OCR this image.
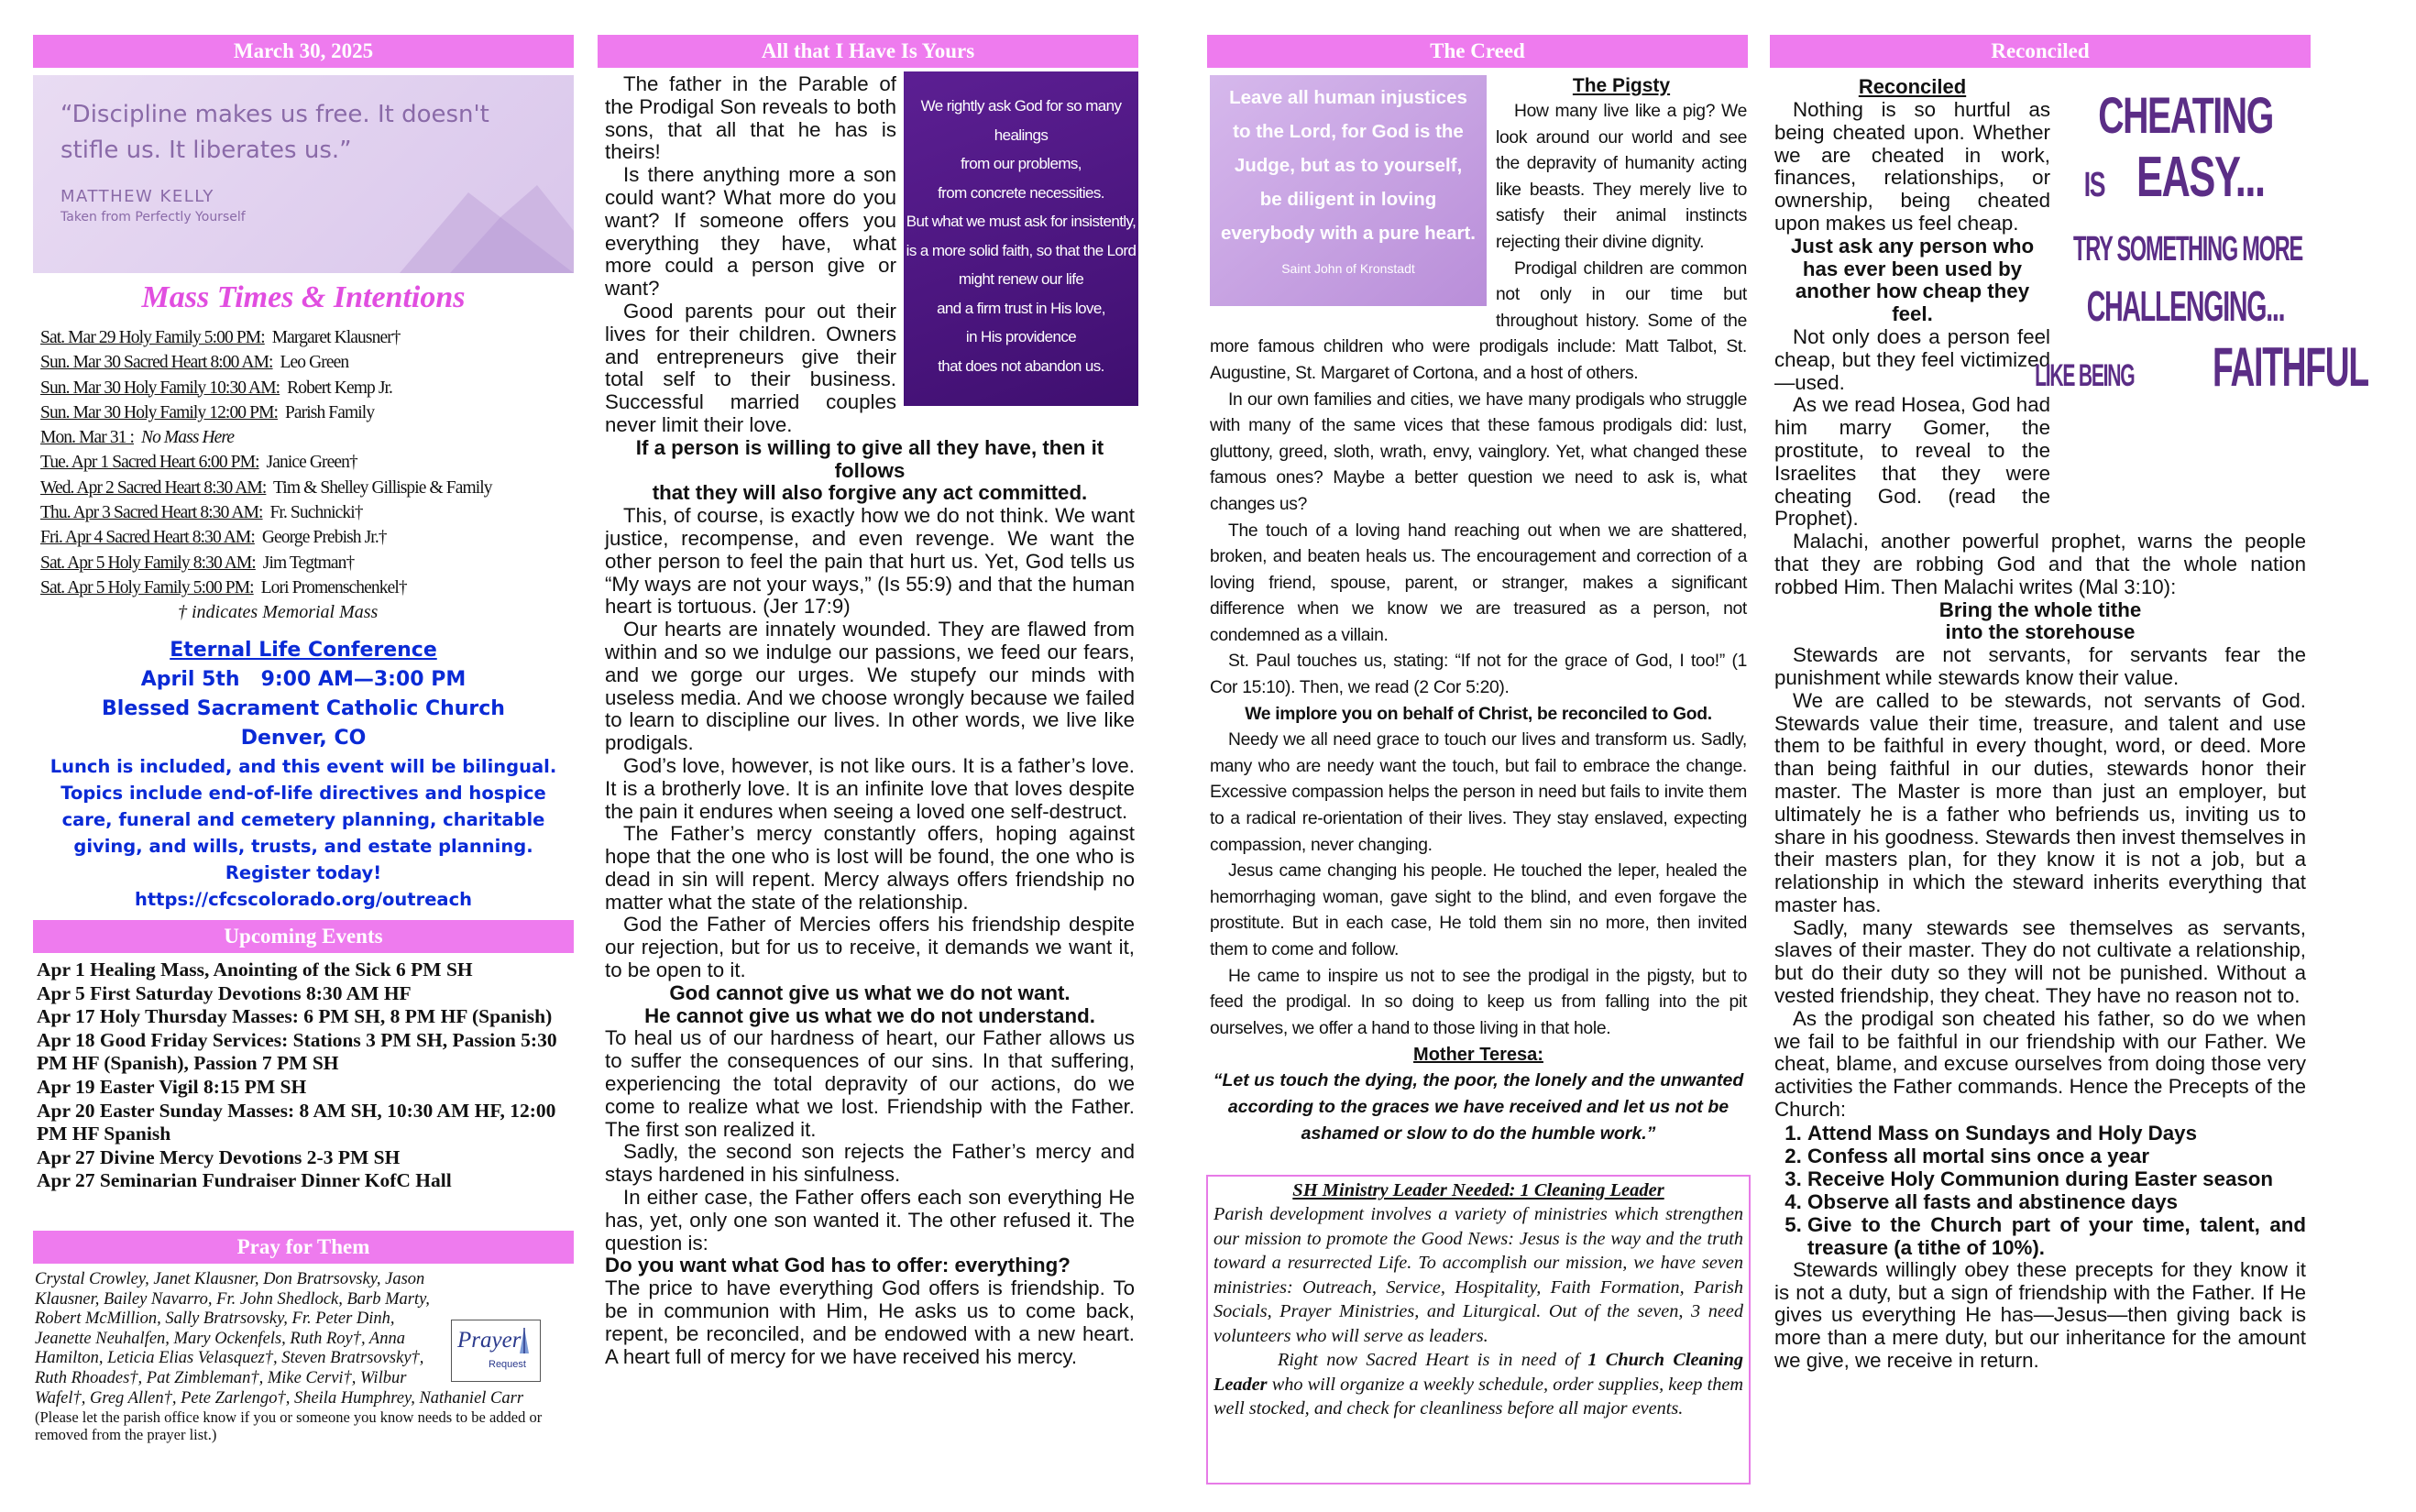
March 30, 2025	All that I Have Is Yours	The Creed	Reconciled
“Discipline makes us free. It doesn't stifle us. It liberates us.”
MATTHEW KELLY
Taken from Perfectly Yourself
Mass Times & Intentions
Sat. Mar 29 Holy Family 5:00 PM: Margaret Klausner†
Sun. Mar 30 Sacred Heart 8:00 AM: Leo Green
Sun. Mar 30 Holy Family 10:30 AM: Robert Kemp Jr.
Sun. Mar 30 Holy Family 12:00 PM: Parish Family
Mon. Mar 31 : No Mass Here
Tue. Apr 1 Sacred Heart 6:00 PM: Janice Green†
Wed. Apr 2 Sacred Heart 8:30 AM: Tim & Shelley Gillispie & Family
Thu. Apr 3 Sacred Heart 8:30 AM: Fr. Suchnicki†
Fri. Apr 4 Sacred Heart 8:30 AM: George Prebish Jr.†
Sat. Apr 5 Holy Family 8:30 AM: Jim Tegtman†
Sat. Apr 5 Holy Family 5:00 PM: Lori Promenschenkel†
† indicates Memorial Mass
Eternal Life Conference
April 5th   9:00 AM—3:00 PM
Blessed Sacrament Catholic Church
Denver, CO
Lunch is included, and this event will be bilingual. Topics include end-of-life directives and hospice care, funeral and cemetery planning, charitable giving, and wills, trusts, and estate planning.
Register today!
https://cfcscolorado.org/outreach
Upcoming Events
Apr 1 Healing Mass, Anointing of the Sick 6 PM SH
Apr 5 First Saturday Devotions 8:30 AM HF
Apr 17 Holy Thursday Masses: 6 PM SH, 8 PM HF (Spanish)
Apr 18 Good Friday Services: Stations 3 PM SH, Passion 5:30 PM HF (Spanish), Passion 7 PM SH
Apr 19 Easter Vigil 8:15 PM SH
Apr 20 Easter Sunday Masses: 8 AM SH, 10:30 AM HF, 12:00 PM HF Spanish
Apr 27 Divine Mercy Devotions 2-3 PM SH
Apr 27 Seminarian Fundraiser Dinner KofC Hall
Pray for Them
Prayer
Request
Crystal Crowley, Janet Klausner, Don Bratrsovsky, Jason Klausner, Bailey Navarro, Fr. John Shedlock, Barb Marty, Robert McMillion, Sally Bratrsovsky, Fr. Peter Dinh, Jeanette Neuhalfen, Mary Ockenfels, Ruth Roy†, Anna Hamilton, Leticia Elias Velasquez†, Steven Bratrsovsky†, Ruth Rhoades†, Pat Zimbleman†, Mike Cervi†, Wilbur Wafel†, Greg Allen†, Pete Zarlengo†, Sheila Humphrey, Nathaniel Carr
(Please let the parish office know if you or someone you know needs to be added or removed from the prayer list.)
We rightly ask God for so many healings
from our problems,
from concrete necessities.
But what we must ask for insistently,
is a more solid faith, so that the Lord
might renew our life
and a firm trust in His love,
in His providence
that does not abandon us.

The father in the Parable of the Prodigal Son reveals to both sons, that all that he has is theirs!

Is there anything more a son could want? What more do you want? If someone offers you everything they have, what more could a person give or want?

Good parents pour out their lives for their children. Owners and entrepreneurs give their total self to their business. Successful married couples never limit their love.

If a person is willing to give all they have, then it follows

that they will also forgive any act committed.

This, of course, is exactly how we do not think. We want justice, recompense, and even revenge. We want the other person to feel the pain that hurt us. Yet, God tells us “My ways are not your ways,” (Is 55:9) and that the human heart is tortuous. (Jer 17:9)

Our hearts are innately wounded. They are flawed from within and so we indulge our passions, we feed our fears, and we gorge our urges. We stupefy our minds with useless media. And we choose wrongly because we failed to learn to discipline our lives. In other words, we live like prodigals.

God’s love, however, is not like ours. It is a father’s love. It is a brotherly love. It is an infinite love that loves despite the pain it endures when seeing a loved one self-destruct.

The Father’s mercy constantly offers, hoping against hope that the one who is lost will be found, the one who is dead in sin will repent. Mercy always offers friendship no matter what the state of the relationship.

God the Father of Mercies offers his friendship despite our rejection, but for us to receive, it demands we want it, to be open to it.

God cannot give us what we do not want.

He cannot give us what we do not understand.

To heal us of our hardness of heart, our Father allows us to suffer the consequences of our sins. In that suffering, experiencing the total depravity of our actions, do we come to realize what we lost. Friendship with the Father. The first son realized it.

Sadly, the second son rejects the Father’s mercy and stays hardened in his sinfulness.

In either case, the Father offers each son everything He has, yet, only one son wanted it. The other refused it. The question is:

Do you want what God has to offer: everything?

The price to have everything God offers is friendship. To be in communion with Him, He asks us to come back, repent, be reconciled, and be endowed with a new heart. A heart full of mercy for we have received his mercy.

Leave all human injustices
to the Lord, for God is the
Judge, but as to yourself,
be diligent in loving
everybody with a pure heart.
Saint John of Kronstadt
The Pigsty

How many live like a pig? We look around our world and see the depravity of humanity acting like beasts. They merely live to satisfy their animal instincts rejecting their divine dignity.

Prodigal children are common not only in our time but throughout history. Some of the more famous children who were prodigals include: Matt Talbot, St. Augustine, St. Margaret of Cortona, and a host of others.

In our own families and cities, we have many prodigals who struggle with many of the same vices that these famous prodigals did: lust, gluttony, greed, sloth, wrath, envy, vainglory. Yet, what changed these famous ones? Maybe a better question we need to ask is, what changes us?

The touch of a loving hand reaching out when we are shattered, broken, and beaten heals us. The encouragement and correction of a loving friend, spouse, parent, or stranger, makes a significant difference when we know we are treasured as a person, not condemned as a villain.

St. Paul touches us, stating: “If not for the grace of God, I too!” (1 Cor 15:10). Then, we read (2 Cor 5:20).

We implore you on behalf of Christ, be reconciled to God.

Needy we all need grace to touch our lives and transform us. Sadly, many who are needy want the touch, but fail to embrace the change. Excessive compassion helps the person in need but fails to invite them to a radical re-orientation of their lives. They stay enslaved, expecting compassion, never changing.

Jesus came changing his people. He touched the leper, healed the hemorrhaging woman, gave sight to the blind, and even forgave the prostitute. But in each case, He told them sin no more, then invited them to come and follow.

He came to inspire us not to see the prodigal in the pigsty, but to feed the prodigal. In so doing to keep us from falling into the pit ourselves, we offer a hand to those living in that hole.

Mother Teresa:
“Let us touch the dying, the poor, the lonely and the unwanted according to the graces we have received and let us not be ashamed or slow to do the humble work.”
SH Ministry Leader Needed: 1 Cleaning Leader

Parish development involves a variety of ministries which strengthen our mission to promote the Good News: Jesus is the way and the truth toward a resurrected Life. To accomplish our mission, we have seven ministries: Outreach, Service, Hospitality, Faith Formation, Parish Socials, Prayer Ministries, and Liturgical. Out of the seven, 3 need volunteers who will serve as leaders.

Right now Sacred Heart is in need of 1 Church Cleaning Leader who will organize a weekly schedule, order supplies, keep them well stocked, and check for cleanliness before all major events.

CHEATING
IS EASY...
TRY SOMETHING MORE
CHALLENGING...
LIKE BEING FAITHFUL
Reconciled

Nothing is so hurtful as being cheated upon. Whether we are cheated in work, finances, relationships, or ownership, being cheated upon makes us feel cheap.

Just ask any person who has ever been used by another how cheap they feel.

Not only does a person feel cheap, but they feel victimized—used.

As we read Hosea, God had him marry Gomer, the prostitute, to reveal to the Israelites that they were cheating God. (read the Prophet).

Malachi, another powerful prophet, warns the people that they are robbing God and that the whole nation robbed Him. Then Malachi writes (Mal 3:10):

Bring the whole tithe

into the storehouse

Stewards are not servants, for servants fear the punishment while stewards know their value.

We are called to be stewards, not servants of God. Stewards value their time, treasure, and talent and use them to be faithful in every thought, word, or deed. More than being faithful in our duties, stewards honor their master. The Master is more than just an employer, but ultimately he is a father who befriends us, inviting us to share in his goodness. Stewards then invest themselves in their masters plan, for they know it is not a job, but a relationship in which the steward inherits everything that master has.

Sadly, many stewards see themselves as servants, slaves of their master. They do not cultivate a relationship, but do their duty so they will not be punished. Without a vested friendship, they cheat. They have no reason not to.

As the prodigal son cheated his father, so do we when we fail to be faithful in our friendship with our Father. We cheat, blame, and excuse ourselves from doing those very activities the Father commands. Hence the Precepts of the Church:

1. Attend Mass on Sundays and Holy Days
2. Confess all mortal sins once a year
3. Receive Holy Communion during Easter season
4. Observe all fasts and abstinence days
5. Give to the Church part of your time, talent, and treasure (a tithe of 10%).

Stewards willingly obey these precepts for they know it is not a duty, but a sign of friendship with the Father. If He gives us everything He has—Jesus—then giving back is more than a mere duty, but our inheritance for the amount we give, we receive in return.
